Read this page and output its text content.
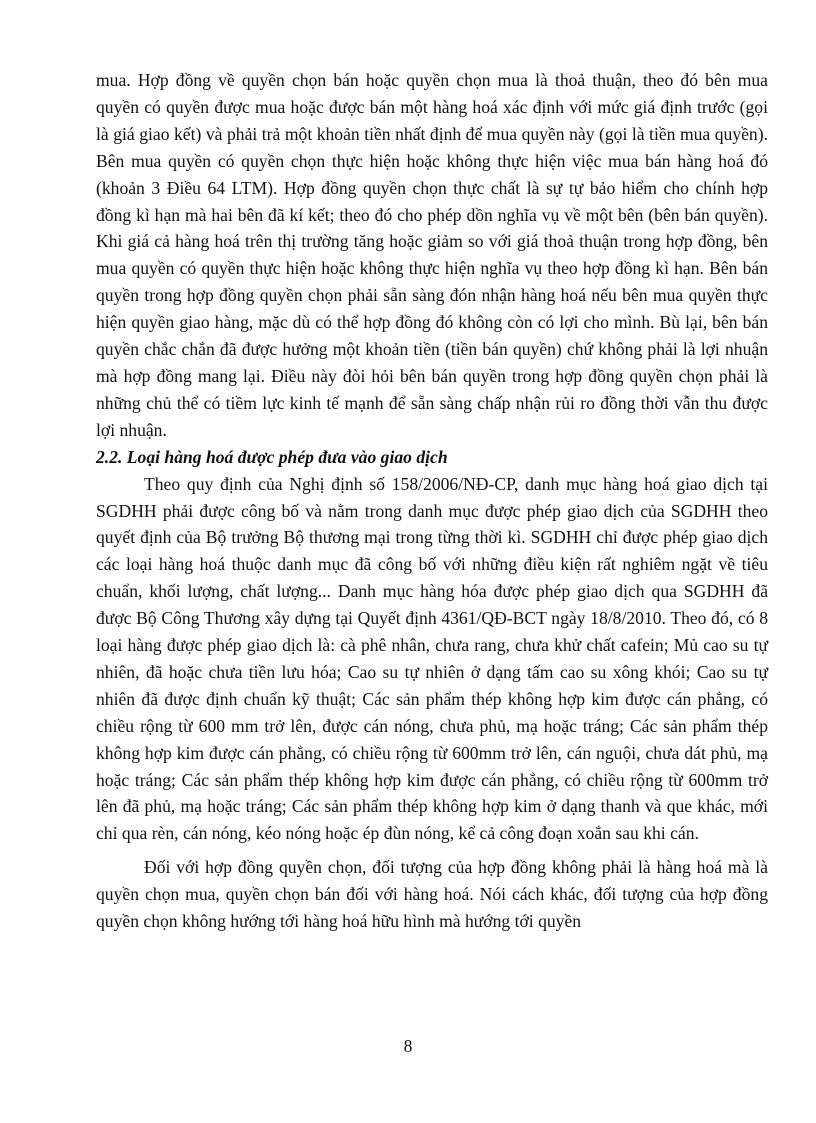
mua. Hợp đồng về quyền chọn bán hoặc quyền chọn mua là thoả thuận, theo đó bên mua quyền có quyền được mua hoặc được bán một hàng hoá xác định với mức giá định trước (gọi là giá giao kết) và phải trả một khoản tiền nhất định để mua quyền này (gọi là tiền mua quyền). Bên mua quyền có quyền chọn thực hiện hoặc không thực hiện việc mua bán hàng hoá đó (khoản 3 Điều 64 LTM). Hợp đồng quyền chọn thực chất là sự tự bảo hiểm cho chính hợp đồng kì hạn mà hai bên đã kí kết; theo đó cho phép dồn nghĩa vụ về một bên (bên bán quyền). Khi giá cả hàng hoá trên thị trường tăng hoặc giảm so với giá thoả thuận trong hợp đồng, bên mua quyền có quyền thực hiện hoặc không thực hiện nghĩa vụ theo hợp đồng kì hạn. Bên bán quyền trong hợp đồng quyền chọn phải sẵn sàng đón nhận hàng hoá nếu bên mua quyền thực hiện quyền giao hàng, mặc dù có thể hợp đồng đó không còn có lợi cho mình. Bù lại, bên bán quyền chắc chắn đã được hưởng một khoản tiền (tiền bán quyền) chứ không phải là lợi nhuận mà hợp đồng mang lại. Điều này đòi hỏi bên bán quyền trong hợp đồng quyền chọn phải là những chủ thể có tiềm lực kinh tế mạnh để sẵn sàng chấp nhận rủi ro đồng thời vẫn thu được lợi nhuận.

2.2. Loại hàng hoá được phép đưa vào giao dịch

Theo quy định của Nghị định số 158/2006/NĐ-CP, danh mục hàng hoá giao dịch tại SGDHH phải được công bố và nằm trong danh mục được phép giao dịch của SGDHH theo quyết định của Bộ trưởng Bộ thương mại trong từng thời kì. SGDHH chỉ được phép giao dịch các loại hàng hoá thuộc danh mục đã công bố với những điều kiện rất nghiêm ngặt về tiêu chuẩn, khối lượng, chất lượng... Danh mục hàng hóa được phép giao dịch qua SGDHH đã được Bộ Công Thương xây dựng tại Quyết định 4361/QĐ-BCT ngày 18/8/2010. Theo đó, có 8 loại hàng được phép giao dịch là: cà phê nhân, chưa rang, chưa khử chất cafein; Mủ cao su tự nhiên, đã hoặc chưa tiền lưu hóa; Cao su tự nhiên ở dạng tấm cao su xông khói; Cao su tự nhiên đã được định chuẩn kỹ thuật; Các sản phẩm thép không hợp kim được cán phẳng, có chiều rộng từ 600 mm trở lên, được cán nóng, chưa phủ, mạ hoặc tráng; Các sản phẩm thép không hợp kim được cán phẳng, có chiều rộng từ 600mm trở lên, cán nguội, chưa dát phủ, mạ hoặc tráng; Các sản phẩm thép không hợp kim được cán phẳng, có chiều rộng từ 600mm trở lên đã phủ, mạ hoặc tráng; Các sản phẩm thép không hợp kim ở dạng thanh và que khác, mới chỉ qua rèn, cán nóng, kéo nóng hoặc ép đùn nóng, kể cả công đoạn xoắn sau khi cán.

Đối với hợp đồng quyền chọn, đối tượng của hợp đồng không phải là hàng hoá mà là quyền chọn mua, quyền chọn bán đối với hàng hoá. Nói cách khác, đối tượng của hợp đồng quyền chọn không hướng tới hàng hoá hữu hình mà hướng tới quyền

8
